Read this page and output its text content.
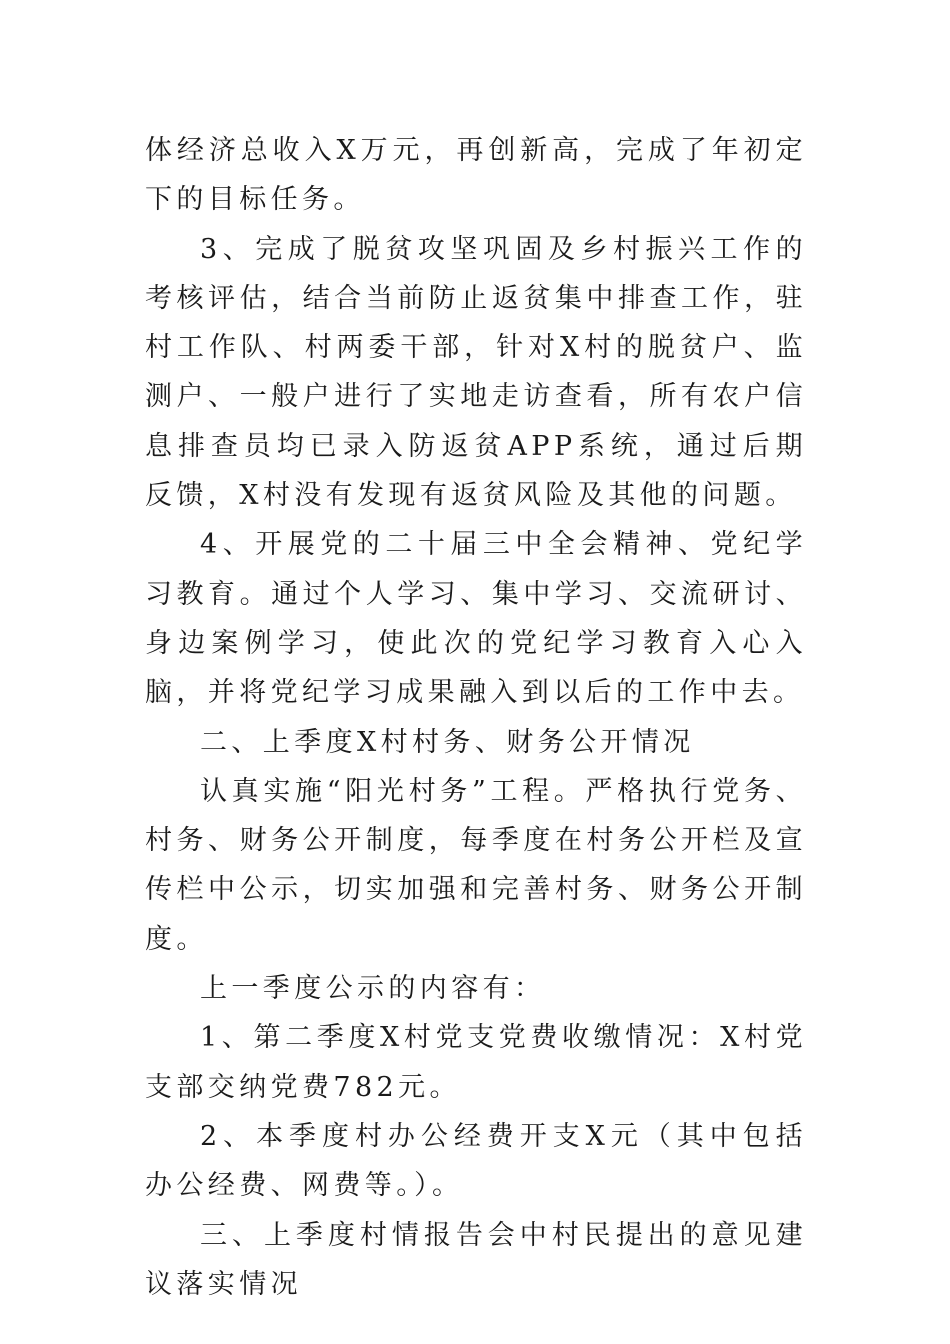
体经济总收入X万元，再创新高，完成了年初定下的目标任务。

3、完成了脱贫攻坚巩固及乡村振兴工作的考核评估，结合当前防止返贫集中排查工作，驻村工作队、村两委干部，针对X村的脱贫户、监测户、一般户进行了实地走访查看，所有农户信息排查员均已录入防返贫APP系统，通过后期反馈，X村没有发现有返贫风险及其他的问题。

4、开展党的二十届三中全会精神、党纪学习教育。通过个人学习、集中学习、交流研讨、身边案例学习，使此次的党纪学习教育入心入脑，并将党纪学习成果融入到以后的工作中去。

二、上季度X村村务、财务公开情况

认真实施“阳光村务”工程。严格执行党务、村务、财务公开制度，每季度在村务公开栏及宣传栏中公示，切实加强和完善村务、财务公开制度。

上一季度公示的内容有：

1、第二季度X村党支党费收缴情况：X村党支部交纳党费782元。

2、本季度村办公经费开支X元（其中包括办公经费、网费等。）。

三、上季度村情报告会中村民提出的意见建议落实情况
